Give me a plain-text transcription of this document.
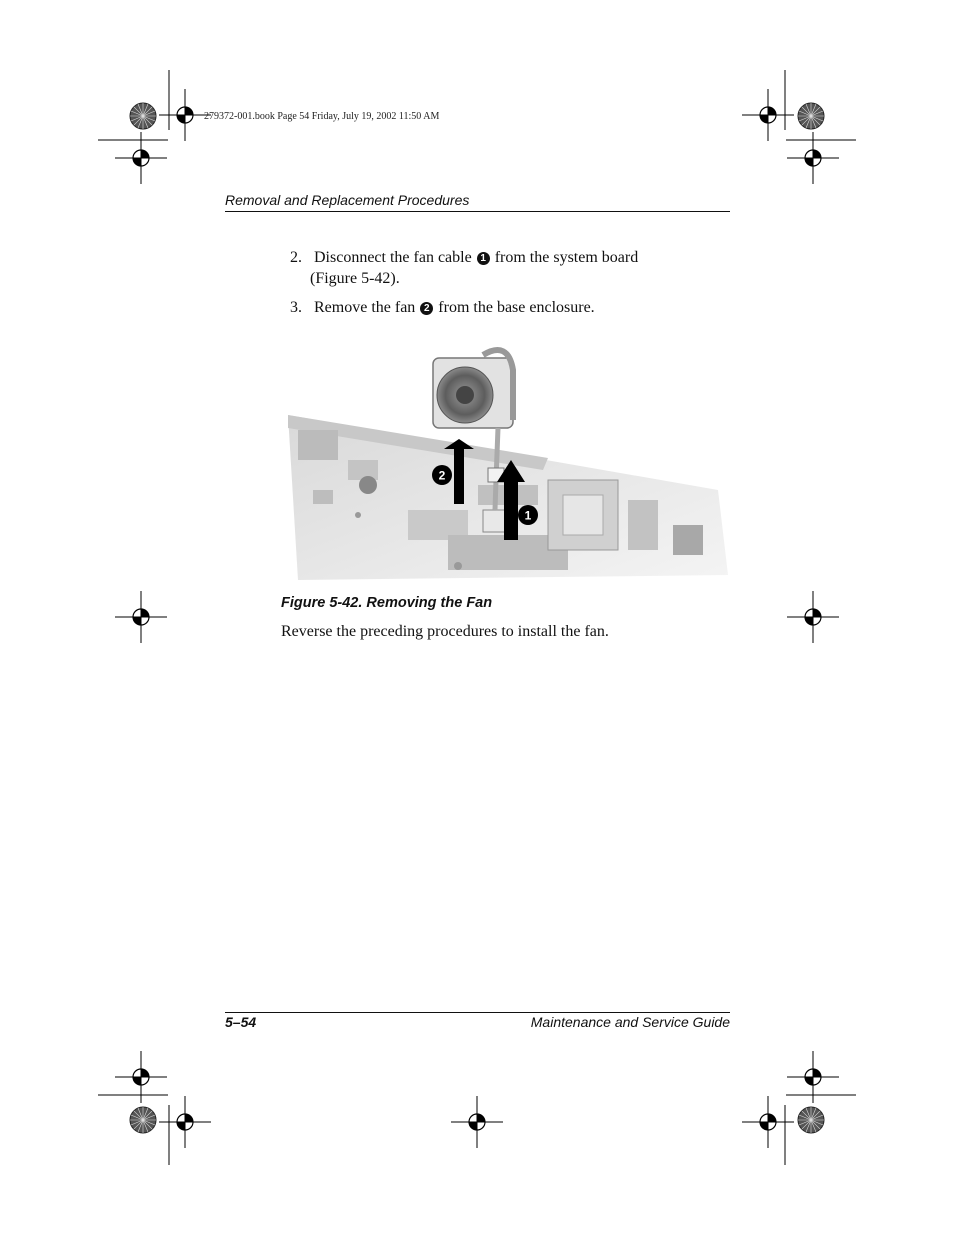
279372-001.book Page 54 Friday, July 19, 2002 11:50 AM
Removal and Replacement Procedures
2. Disconnect the fan cable 1 from the system board
(Figure 5-42).
3. Remove the fan 2 from the base enclosure.
2
1
Figure 5-42. Removing the Fan
Reverse the preceding procedures to install the fan.
5–54	Maintenance and Service Guide
